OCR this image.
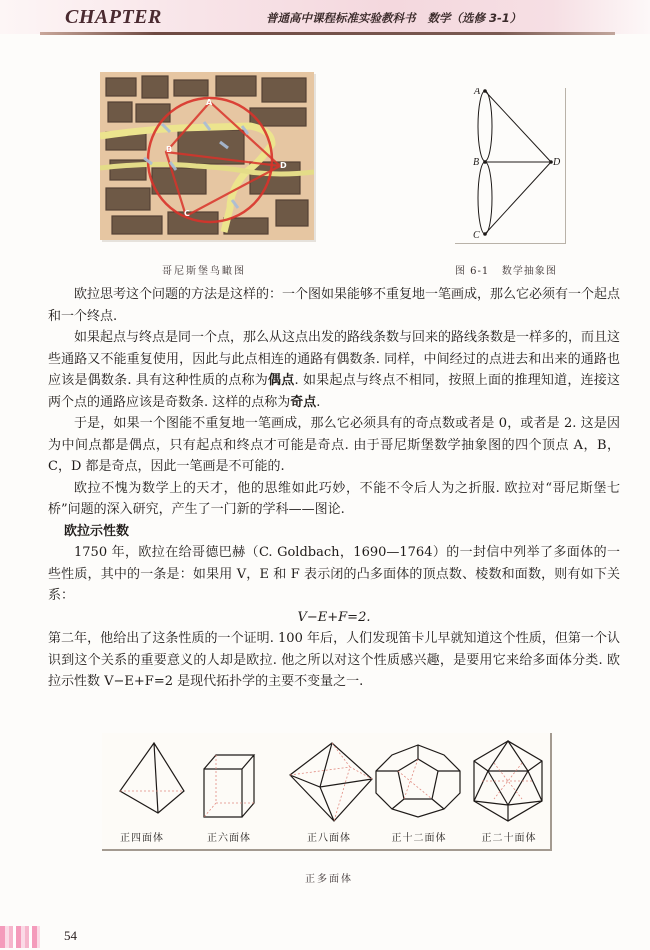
CHAPTER	普通高中课程标准实验教科书   数学（选修 3-1）
A
B
C
D
哥尼斯堡鸟瞰图
A
B
C
D
图 6-1   数学抽象图

欧拉思考这个问题的方法是这样的：一个图如果能够不重复地一笔画成，那么它必须有一个起点和一个终点.

如果起点与终点是同一个点，那么从这点出发的路线条数与回来的路线条数是一样多的，而且这些通路又不能重复使用，因此与此点相连的通路有偶数条. 同样，中间经过的点进去和出来的通路也应该是偶数条. 具有这种性质的点称为偶点. 如果起点与终点不相同，按照上面的推理知道，连接这两个点的通路应该是奇数条. 这样的点称为奇点.

于是，如果一个图能不重复地一笔画成，那么它必须具有的奇点数或者是 0，或者是 2. 这是因为中间点都是偶点，只有起点和终点才可能是奇点. 由于哥尼斯堡数学抽象图的四个顶点 A，B，C，D 都是奇点，因此一笔画是不可能的.

欧拉不愧为数学上的天才，他的思维如此巧妙，不能不令后人为之折服. 欧拉对“哥尼斯堡七桥”问题的深入研究，产生了一门新的学科——图论.

欧拉示性数

1750 年，欧拉在给哥德巴赫（C. Goldbach，1690—1764）的一封信中列举了多面体的一些性质，其中的一条是：如果用 V，E 和 F 表示闭的凸多面体的顶点数、棱数和面数，则有如下关系：

V−E+F=2.

第二年，他给出了这条性质的一个证明. 100 年后，人们发现笛卡儿早就知道这个性质，但第一个认识到这个关系的重要意义的人却是欧拉. 他之所以对这个性质感兴趣，是要用它来给多面体分类. 欧拉示性数 V−E+F=2 是现代拓扑学的主要不变量之一.

正四面体	正六面体	正八面体	正十二面体	正二十面体
正多面体
54
